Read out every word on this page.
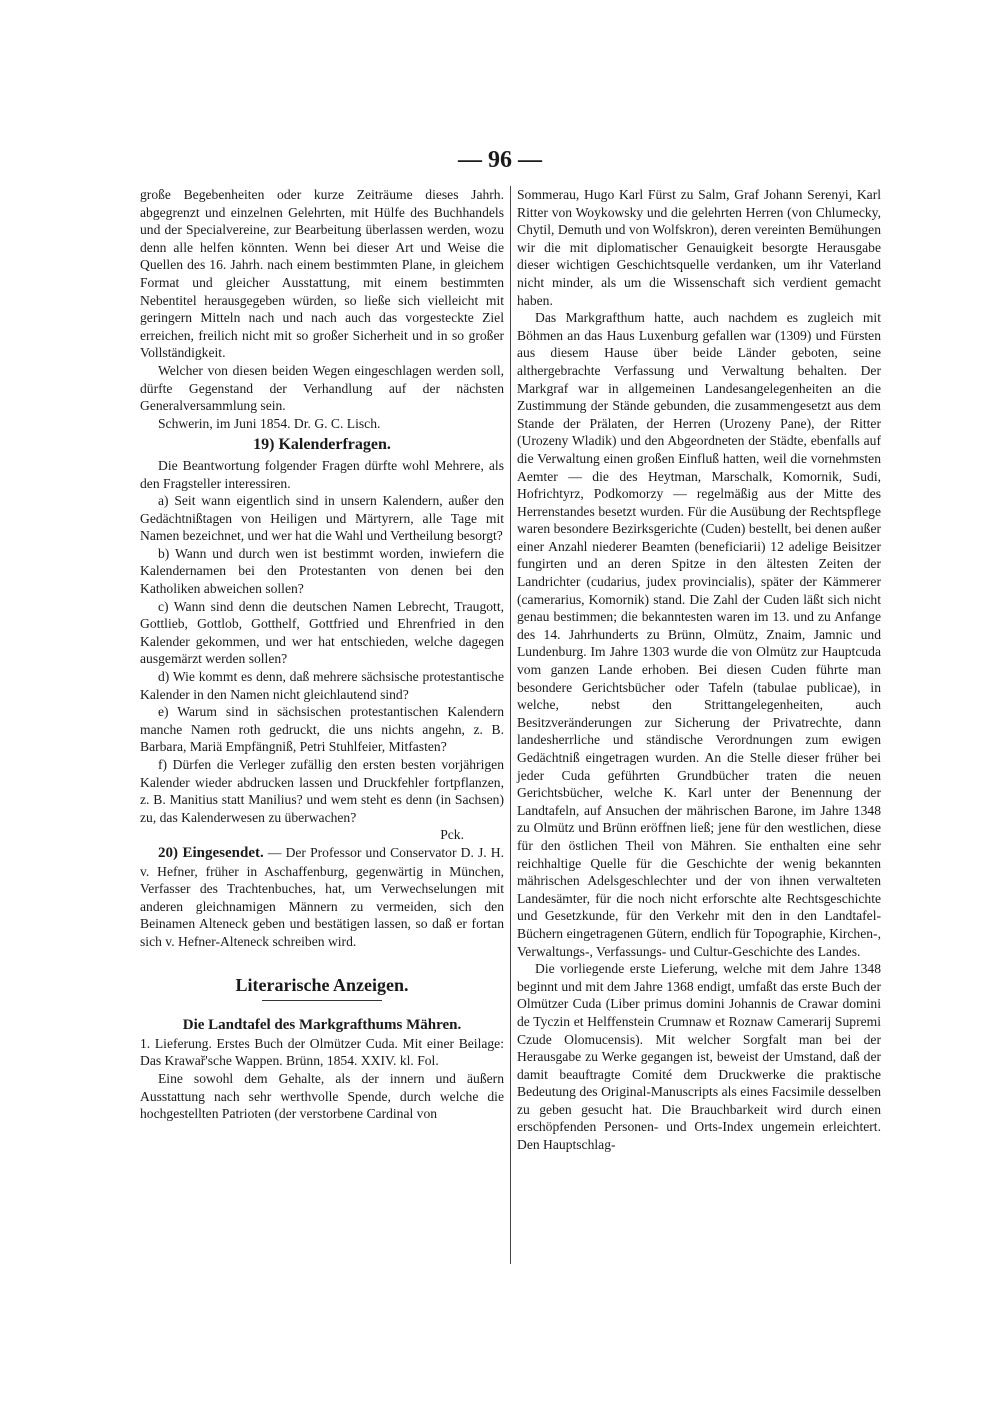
— 96 —

große Begebenheiten oder kurze Zeiträume dieses Jahrh. abgegrenzt und einzelnen Gelehrten, mit Hülfe des Buchhandels und der Specialvereine, zur Bearbeitung überlassen werden, wozu denn alle helfen könnten. Wenn bei dieser Art und Weise die Quellen des 16. Jahrh. nach einem bestimmten Plane, in gleichem Format und gleicher Ausstattung, mit einem bestimmten Nebentitel herausgegeben würden, so ließe sich vielleicht mit geringern Mitteln nach und nach auch das vorgesteckte Ziel erreichen, freilich nicht mit so großer Sicherheit und in so großer Vollständigkeit.

Welcher von diesen beiden Wegen eingeschlagen werden soll, dürfte Gegenstand der Verhandlung auf der nächsten Generalversammlung sein.

Schwerin, im Juni 1854. Dr. G. C. Lisch.

19) Kalenderfragen.

Die Beantwortung folgender Fragen dürfte wohl Mehrere, als den Fragsteller interessiren.

a) Seit wann eigentlich sind in unsern Kalendern, außer den Gedächtnißtagen von Heiligen und Märtyrern, alle Tage mit Namen bezeichnet, und wer hat die Wahl und Vertheilung besorgt?

b) Wann und durch wen ist bestimmt worden, inwiefern die Kalendernamen bei den Protestanten von denen bei den Katholiken abweichen sollen?

c) Wann sind denn die deutschen Namen Lebrecht, Traugott, Gottlieb, Gottlob, Gotthelf, Gottfried und Ehrenfried in den Kalender gekommen, und wer hat entschieden, welche dagegen ausgemärzt werden sollen?

d) Wie kommt es denn, daß mehrere sächsische protestantische Kalender in den Namen nicht gleichlautend sind?

e) Warum sind in sächsischen protestantischen Kalendern manche Namen roth gedruckt, die uns nichts angehn, z. B. Barbara, Mariä Empfängniß, Petri Stuhlfeier, Mitfasten?

f) Dürfen die Verleger zufällig den ersten besten vorjährigen Kalender wieder abdrucken lassen und Druckfehler fortpflanzen, z. B. Manitius statt Manilius? und wem steht es denn (in Sachsen) zu, das Kalenderwesen zu überwachen?

Pck.

20) Eingesendet. — Der Professor und Conservator D. J. H. v. Hefner, früher in Aschaffenburg, gegenwärtig in München, Verfasser des Trachtenbuches, hat, um Verwechselungen mit anderen gleichnamigen Männern zu vermeiden, sich den Beinamen Alteneck geben und bestätigen lassen, so daß er fortan sich v. Hefner-Alteneck schreiben wird.

Literarische Anzeigen.
Die Landtafel des Markgrafthums Mähren.

1. Lieferung. Erstes Buch der Olmützer Cuda. Mit einer Beilage: Das Krawař'sche Wappen. Brünn, 1854. XXIV. kl. Fol.

Eine sowohl dem Gehalte, als der innern und äußern Ausstattung nach sehr werthvolle Spende, durch welche die hochgestellten Patrioten (der verstorbene Cardinal von

Sommerau, Hugo Karl Fürst zu Salm, Graf Johann Serenyi, Karl Ritter von Woykowsky und die gelehrten Herren (von Chlumecky, Chytil, Demuth und von Wolfskron), deren vereinten Bemühungen wir die mit diplomatischer Genauigkeit besorgte Herausgabe dieser wichtigen Geschichtsquelle verdanken, um ihr Vaterland nicht minder, als um die Wissenschaft sich verdient gemacht haben.

Das Markgrafthum hatte, auch nachdem es zugleich mit Böhmen an das Haus Luxenburg gefallen war (1309) und Fürsten aus diesem Hause über beide Länder geboten, seine althergebrachte Verfassung und Verwaltung behalten. Der Markgraf war in allgemeinen Landesangelegenheiten an die Zustimmung der Stände gebunden, die zusammengesetzt aus dem Stande der Prälaten, der Herren (Urozeny Pane), der Ritter (Urozeny Wladik) und den Abgeordneten der Städte, ebenfalls auf die Verwaltung einen großen Einfluß hatten, weil die vornehmsten Aemter — die des Heytman, Marschalk, Komornik, Sudi, Hofrichtyrz, Podkomorzy — regelmäßig aus der Mitte des Herrenstandes besetzt wurden. Für die Ausübung der Rechtspflege waren besondere Bezirksgerichte (Cuden) bestellt, bei denen außer einer Anzahl niederer Beamten (beneficiarii) 12 adelige Beisitzer fungirten und an deren Spitze in den ältesten Zeiten der Landrichter (cudarius, judex provincialis), später der Kämmerer (camerarius, Komornik) stand. Die Zahl der Cuden läßt sich nicht genau bestimmen; die bekanntesten waren im 13. und zu Anfange des 14. Jahrhunderts zu Brünn, Olmütz, Znaim, Jamnic und Lundenburg. Im Jahre 1303 wurde die von Olmütz zur Hauptcuda vom ganzen Lande erhoben. Bei diesen Cuden führte man besondere Gerichtsbücher oder Tafeln (tabulae publicae), in welche, nebst den Strittangelegenheiten, auch Besitzveränderungen zur Sicherung der Privatrechte, dann landesherrliche und ständische Verordnungen zum ewigen Gedächtniß eingetragen wurden. An die Stelle dieser früher bei jeder Cuda geführten Grundbücher traten die neuen Gerichtsbücher, welche K. Karl unter der Benennung der Landtafeln, auf Ansuchen der mährischen Barone, im Jahre 1348 zu Olmütz und Brünn eröffnen ließ; jene für den westlichen, diese für den östlichen Theil von Mähren. Sie enthalten eine sehr reichhaltige Quelle für die Geschichte der wenig bekannten mährischen Adelsgeschlechter und der von ihnen verwalteten Landesämter, für die noch nicht erforschte alte Rechtsgeschichte und Gesetzkunde, für den Verkehr mit den in den Landtafel-Büchern eingetragenen Gütern, endlich für Topographie, Kirchen-, Verwaltungs-, Verfassungs- und Cultur-Geschichte des Landes.

Die vorliegende erste Lieferung, welche mit dem Jahre 1348 beginnt und mit dem Jahre 1368 endigt, umfaßt das erste Buch der Olmützer Cuda (Liber primus domini Johannis de Crawar domini de Tyczin et Helffenstein Crumnaw et Roznaw Camerarij Supremi Czude Olomucensis). Mit welcher Sorgfalt man bei der Herausgabe zu Werke gegangen ist, beweist der Umstand, daß der damit beauftragte Comité dem Druckwerke die praktische Bedeutung des Original-Manuscripts als eines Facsimile desselben zu geben gesucht hat. Die Brauchbarkeit wird durch einen erschöpfenden Personen- und Orts-Index ungemein erleichtert. Den Hauptschlag-
